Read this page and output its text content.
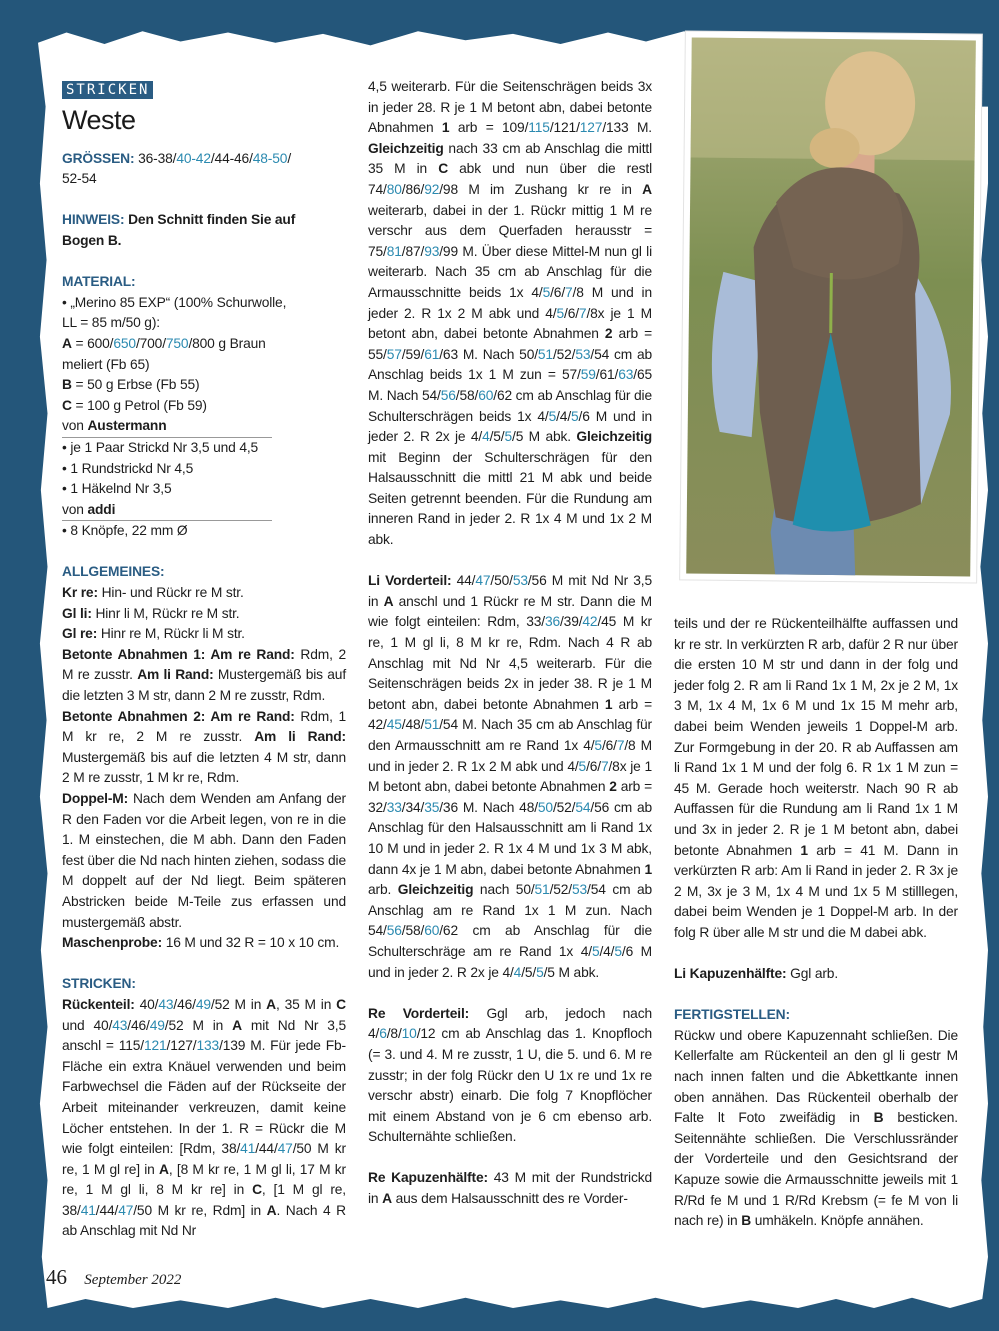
STRICKEN
Weste
GRÖSSEN: 36-38/40-42/44-46/48-50/
52-54
HINWEIS: Den Schnitt finden Sie auf
Bogen B.
MATERIAL:
• „Merino 85 EXP“ (100% Schurwolle,
LL = 85 m/50 g):
A = 600/650/700/750/800 g Braun
meliert (Fb 65)
B = 50 g Erbse (Fb 55)
C = 100 g Petrol (Fb 59)
von Austermann
• je 1 Paar Strickd Nr 3,5 und 4,5
• 1 Rundstrickd Nr 4,5
• 1 Häkelnd Nr 3,5
von addi
• 8 Knöpfe, 22 mm Ø
ALLGEMEINES:
Kr re: Hin- und Rückr re M str.
Gl li: Hinr li M, Rückr re M str.
Gl re: Hinr re M, Rückr li M str.
Betonte Abnahmen 1: Am re Rand: Rdm, 2 M re zusstr. Am li Rand: Mustergemäß bis auf die letzten 3 M str, dann 2 M re zusstr, Rdm.
Betonte Abnahmen 2: Am re Rand: Rdm, 1 M kr re, 2 M re zusstr. Am li Rand: Mustergemäß bis auf die letzten 4 M str, dann 2 M re zusstr, 1 M kr re, Rdm.
Doppel-M: Nach dem Wenden am Anfang der R den Faden vor die Arbeit legen, von re in die 1. M einstechen, die M abh. Dann den Faden fest über die Nd nach hinten ziehen, sodass die M doppelt auf der Nd liegt. Beim späteren Abstricken beide M-Teile zus erfassen und mustergemäß abstr.
Maschenprobe: 16 M und 32 R = 10 x 10 cm.
STRICKEN:
Rückenteil: 40/43/46/49/52 M in A, 35 M in C und 40/43/46/49/52 M in A mit Nd Nr 3,5 anschl = 115/121/127/133/139 M. Für jede Fb-Fläche ein extra Knäuel verwenden und beim Farbwechsel die Fäden auf der Rückseite der Arbeit miteinander verkreuzen, damit keine Löcher entstehen. In der 1. R = Rückr die M wie folgt einteilen: [Rdm, 38/41/44/47/50 M kr re, 1 M gl re] in A, [8 M kr re, 1 M gl li, 17 M kr re, 1 M gl li, 8 M kr re] in C, [1 M gl re, 38/41/44/47/50 M kr re, Rdm] in A. Nach 4 R ab Anschlag mit Nd Nr
4,5 weiterarb. Für die Seitenschrägen beids 3x in jeder 28. R je 1 M betont abn, dabei betonte Abnahmen 1 arb = 109/115/121/127/133 M. Gleichzeitig nach 33 cm ab Anschlag die mittl 35 M in C abk und nun über die restl 74/80/86/92/98 M im Zushang kr re in A weiterarb, dabei in der 1. Rückr mittig 1 M re verschr aus dem Querfaden herausstr = 75/81/87/93/99 M. Über diese Mittel-M nun gl li weiterarb. Nach 35 cm ab Anschlag für die Armausschnitte beids 1x 4/5/6/7/8 M und in jeder 2. R 1x 2 M abk und 4/5/6/7/8x je 1 M betont abn, dabei betonte Abnahmen 2 arb = 55/57/59/61/63 M. Nach 50/51/52/53/54 cm ab Anschlag beids 1x 1 M zun = 57/59/61/63/65 M. Nach 54/56/58/60/62 cm ab Anschlag für die Schulterschrägen beids 1x 4/5/4/5/6 M und in jeder 2. R 2x je 4/4/5/5/5 M abk. Gleichzeitig mit Beginn der Schulterschrägen für den Halsausschnitt die mittl 21 M abk und beide Seiten getrennt beenden. Für die Rundung am inneren Rand in jeder 2. R 1x 4 M und 1x 2 M abk.
Li Vorderteil: 44/47/50/53/56 M mit Nd Nr 3,5 in A anschl und 1 Rückr re M str. Dann die M wie folgt einteilen: Rdm, 33/36/39/42/45 M kr re, 1 M gl li, 8 M kr re, Rdm. Nach 4 R ab Anschlag mit Nd Nr 4,5 weiterarb. Für die Seitenschrägen beids 2x in jeder 38. R je 1 M betont abn, dabei betonte Abnahmen 1 arb = 42/45/48/51/54 M. Nach 35 cm ab Anschlag für den Armausschnitt am re Rand 1x 4/5/6/7/8 M und in jeder 2. R 1x 2 M abk und 4/5/6/7/8x je 1 M betont abn, dabei betonte Abnahmen 2 arb = 32/33/34/35/36 M. Nach 48/50/52/54/56 cm ab Anschlag für den Halsausschnitt am li Rand 1x 10 M und in jeder 2. R 1x 4 M und 1x 3 M abk, dann 4x je 1 M abn, dabei betonte Abnahmen 1 arb. Gleichzeitig nach 50/51/52/53/54 cm ab Anschlag am re Rand 1x 1 M zun. Nach 54/56/58/60/62 cm ab Anschlag für die Schulterschräge am re Rand 1x 4/5/4/5/6 M und in jeder 2. R 2x je 4/4/5/5/5 M abk.
Re Vorderteil: Ggl arb, jedoch nach 4/6/8/10/12 cm ab Anschlag das 1. Knopfloch (= 3. und 4. M re zusstr, 1 U, die 5. und 6. M re zusstr; in der folg Rückr den U 1x re und 1x re verschr abstr) einarb. Die folg 7 Knopflöcher mit einem Abstand von je 6 cm ebenso arb. Schulternähte schließen.
Re Kapuzenhälfte: 43 M mit der Rundstrickd in A aus dem Halsausschnitt des re Vorder-
teils und der re Rückenteilhälfte auffassen und kr re str. In verkürzten R arb, dafür 2 R nur über die ersten 10 M str und dann in der folg und jeder folg 2. R am li Rand 1x 1 M, 2x je 2 M, 1x 3 M, 1x 4 M, 1x 6 M und 1x 15 M mehr arb, dabei beim Wenden jeweils 1 Doppel-M arb. Zur Formgebung in der 20. R ab Auffassen am li Rand 1x 1 M und der folg 6. R 1x 1 M zun = 45 M. Gerade hoch weiterstr. Nach 90 R ab Auffassen für die Rundung am li Rand 1x 1 M und 3x in jeder 2. R je 1 M betont abn, dabei betonte Abnahmen 1 arb = 41 M. Dann in verkürzten R arb: Am li Rand in jeder 2. R 3x je 2 M, 3x je 3 M, 1x 4 M und 1x 5 M stilllegen, dabei beim Wenden je 1 Doppel-M arb. In der folg R über alle M str und die M dabei abk.
Li Kapuzenhälfte: Ggl arb.
FERTIGSTELLEN:
Rückw und obere Kapuzennaht schließen. Die Kellerfalte am Rückenteil an den gl li gestr M nach innen falten und die Abkettkante innen oben annähen. Das Rückenteil oberhalb der Falte lt Foto zweifädig in B besticken. Seitennähte schließen. Die Verschlussränder der Vorderteile und den Gesichtsrand der Kapuze sowie die Armausschnitte jeweils mit 1 R/Rd fe M und 1 R/Rd Krebsm (= fe M von li nach re) in B umhäkeln. Knöpfe annähen.
46 September 2022
